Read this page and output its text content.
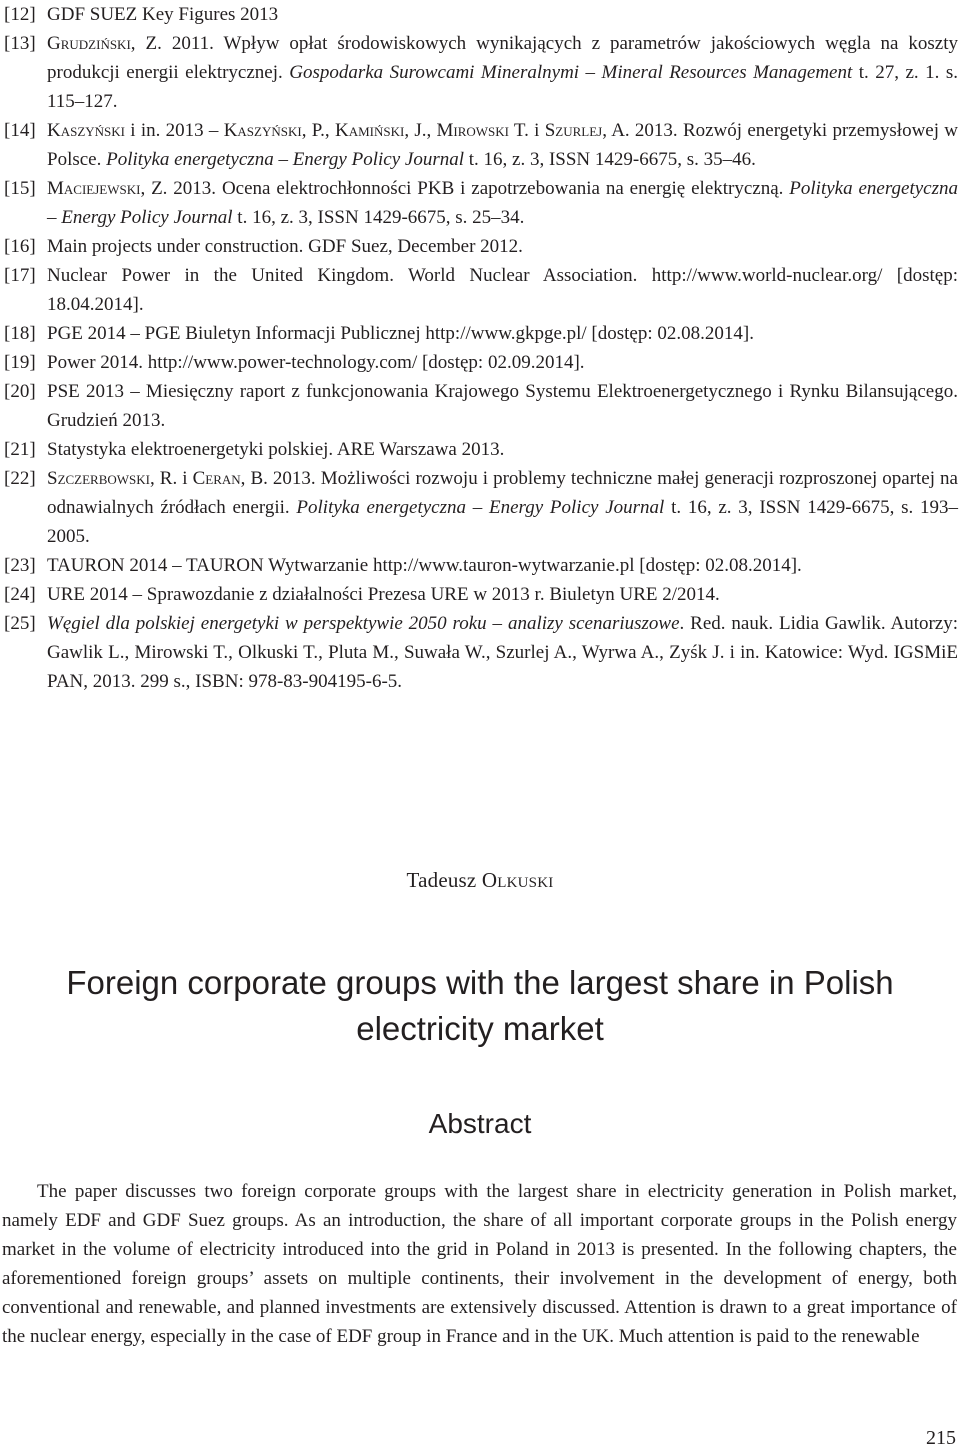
[12] GDF SUEZ Key Figures 2013
[13] Grudziński, Z. 2011. Wpływ opłat środowiskowych wynikających z parametrów jakościowych węgla na koszty produkcji energii elektrycznej. Gospodarka Surowcami Mineralnymi – Mineral Resources Management t. 27, z. 1. s. 115–127.
[14] Kaszyński i in. 2013 – Kaszyński, P., Kamiński, J., Mirowski T. i Szurlej, A. 2013. Rozwój energetyki przemysłowej w Polsce. Polityka energetyczna – Energy Policy Journal t. 16, z. 3, ISSN 1429-6675, s. 35–46.
[15] Maciejewski, Z. 2013. Ocena elektrochłonności PKB i zapotrzebowania na energię elektryczną. Polityka energetyczna – Energy Policy Journal t. 16, z. 3, ISSN 1429-6675, s. 25–34.
[16] Main projects under construction. GDF Suez, December 2012.
[17] Nuclear Power in the United Kingdom. World Nuclear Association. http://www.world-nuclear.org/ [dostęp: 18.04.2014].
[18] PGE 2014 – PGE Biuletyn Informacji Publicznej http://www.gkpge.pl/ [dostęp: 02.08.2014].
[19] Power 2014. http://www.power-technology.com/ [dostęp: 02.09.2014].
[20] PSE 2013 – Miesięczny raport z funkcjonowania Krajowego Systemu Elektroenergetycznego i Rynku Bilansującego. Grudzień 2013.
[21] Statystyka elektroenergetyki polskiej. ARE Warszawa 2013.
[22] Szczerbowski, R. i Ceran, B. 2013. Możliwości rozwoju i problemy techniczne małej generacji rozproszonej opartej na odnawialnych źródłach energii. Polityka energetyczna – Energy Policy Journal t. 16, z. 3, ISSN 1429-6675, s. 193–2005.
[23] TAURON 2014 – TAURON Wytwarzanie http://www.tauron-wytwarzanie.pl [dostęp: 02.08.2014].
[24] URE 2014 – Sprawozdanie z działalności Prezesa URE w 2013 r. Biuletyn URE 2/2014.
[25] Węgiel dla polskiej energetyki w perspektywie 2050 roku – analizy scenariuszowe. Red. nauk. Lidia Gawlik. Autorzy: Gawlik L., Mirowski T., Olkuski T., Pluta M., Suwała W., Szurlej A., Wyrwa A., Zyśk J. i in. Katowice: Wyd. IGSMiE PAN, 2013. 299 s., ISBN: 978-83-904195-6-5.
Tadeusz Olkuski
Foreign corporate groups with the largest share in Polish electricity market
Abstract

The paper discusses two foreign corporate groups with the largest share in electricity generation in Polish market, namely EDF and GDF Suez groups. As an introduction, the share of all important corporate groups in the Polish energy market in the volume of electricity introduced into the grid in Poland in 2013 is presented. In the following chapters, the aforementioned foreign groups’ assets on multiple continents, their involvement in the development of energy, both conventional and renewable, and planned investments are extensively discussed. Attention is drawn to a great importance of the nuclear energy, especially in the case of EDF group in France and in the UK. Much attention is paid to the renewable

215
